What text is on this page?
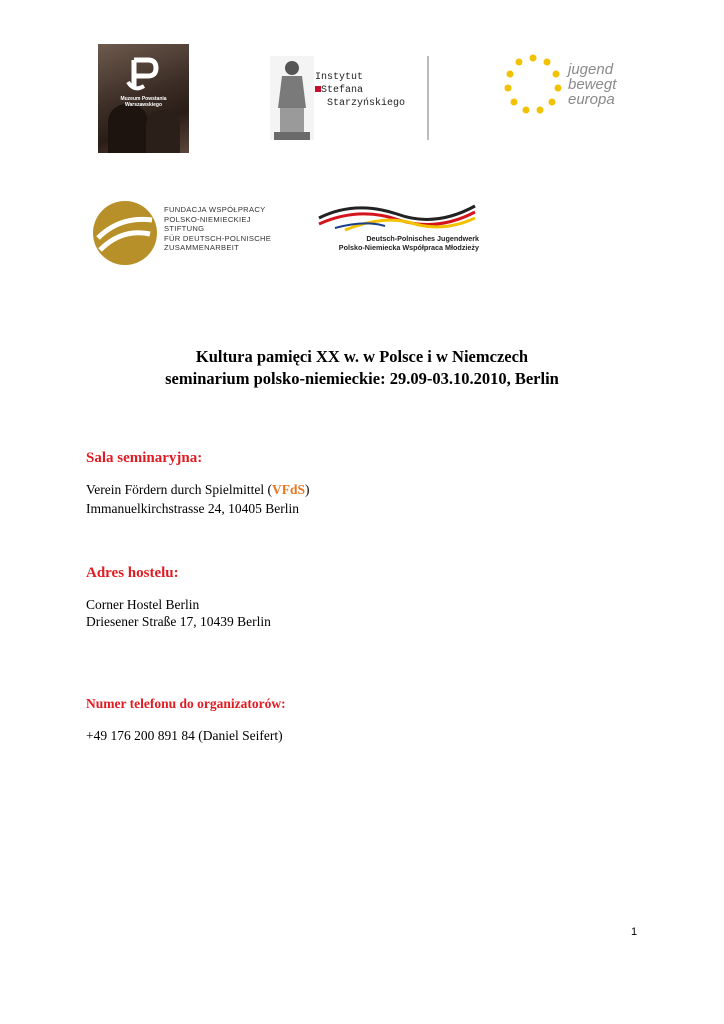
Muzeum Powstania Warszawskiego
Instytut
Stefana
Starzyńskiego
jugend
bewegt
europa
FUNDACJA WSPÓŁPRACY
POLSKO-NIEMIECKIEJ
STIFTUNG
FÜR DEUTSCH-POLNISCHE
ZUSAMMENARBEIT
Deutsch-Polnisches Jugendwerk
Polsko-Niemiecka Współpraca Młodzieży
Kultura pamięci XX w. w Polsce i w Niemczech
seminarium polsko-niemieckie: 29.09-03.10.2010, Berlin
Sala seminaryjna:
Verein Fördern durch Spielmittel (VFdS)
Immanuelkirchstrasse 24, 10405 Berlin
Adres hostelu:
Corner Hostel Berlin
Driesener Straße 17, 10439 Berlin
Numer telefonu do organizatorów:
+49 176 200 891 84 (Daniel Seifert)
1
